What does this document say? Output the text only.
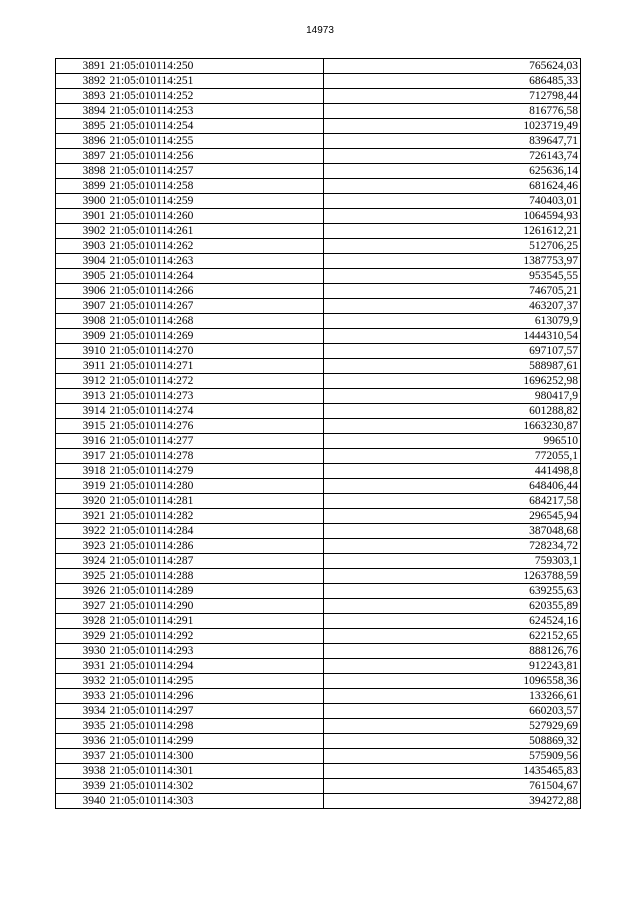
14973
3891	21:05:010114:250	765624,03
3892	21:05:010114:251	686485,33
3893	21:05:010114:252	712798,44
3894	21:05:010114:253	816776,58
3895	21:05:010114:254	1023719,49
3896	21:05:010114:255	839647,71
3897	21:05:010114:256	726143,74
3898	21:05:010114:257	625636,14
3899	21:05:010114:258	681624,46
3900	21:05:010114:259	740403,01
3901	21:05:010114:260	1064594,93
3902	21:05:010114:261	1261612,21
3903	21:05:010114:262	512706,25
3904	21:05:010114:263	1387753,97
3905	21:05:010114:264	953545,55
3906	21:05:010114:266	746705,21
3907	21:05:010114:267	463207,37
3908	21:05:010114:268	613079,9
3909	21:05:010114:269	1444310,54
3910	21:05:010114:270	697107,57
3911	21:05:010114:271	588987,61
3912	21:05:010114:272	1696252,98
3913	21:05:010114:273	980417,9
3914	21:05:010114:274	601288,82
3915	21:05:010114:276	1663230,87
3916	21:05:010114:277	996510
3917	21:05:010114:278	772055,1
3918	21:05:010114:279	441498,8
3919	21:05:010114:280	648406,44
3920	21:05:010114:281	684217,58
3921	21:05:010114:282	296545,94
3922	21:05:010114:284	387048,68
3923	21:05:010114:286	728234,72
3924	21:05:010114:287	759303,1
3925	21:05:010114:288	1263788,59
3926	21:05:010114:289	639255,63
3927	21:05:010114:290	620355,89
3928	21:05:010114:291	624524,16
3929	21:05:010114:292	622152,65
3930	21:05:010114:293	888126,76
3931	21:05:010114:294	912243,81
3932	21:05:010114:295	1096558,36
3933	21:05:010114:296	133266,61
3934	21:05:010114:297	660203,57
3935	21:05:010114:298	527929,69
3936	21:05:010114:299	508869,32
3937	21:05:010114:300	575909,56
3938	21:05:010114:301	1435465,83
3939	21:05:010114:302	761504,67
3940	21:05:010114:303	394272,88
